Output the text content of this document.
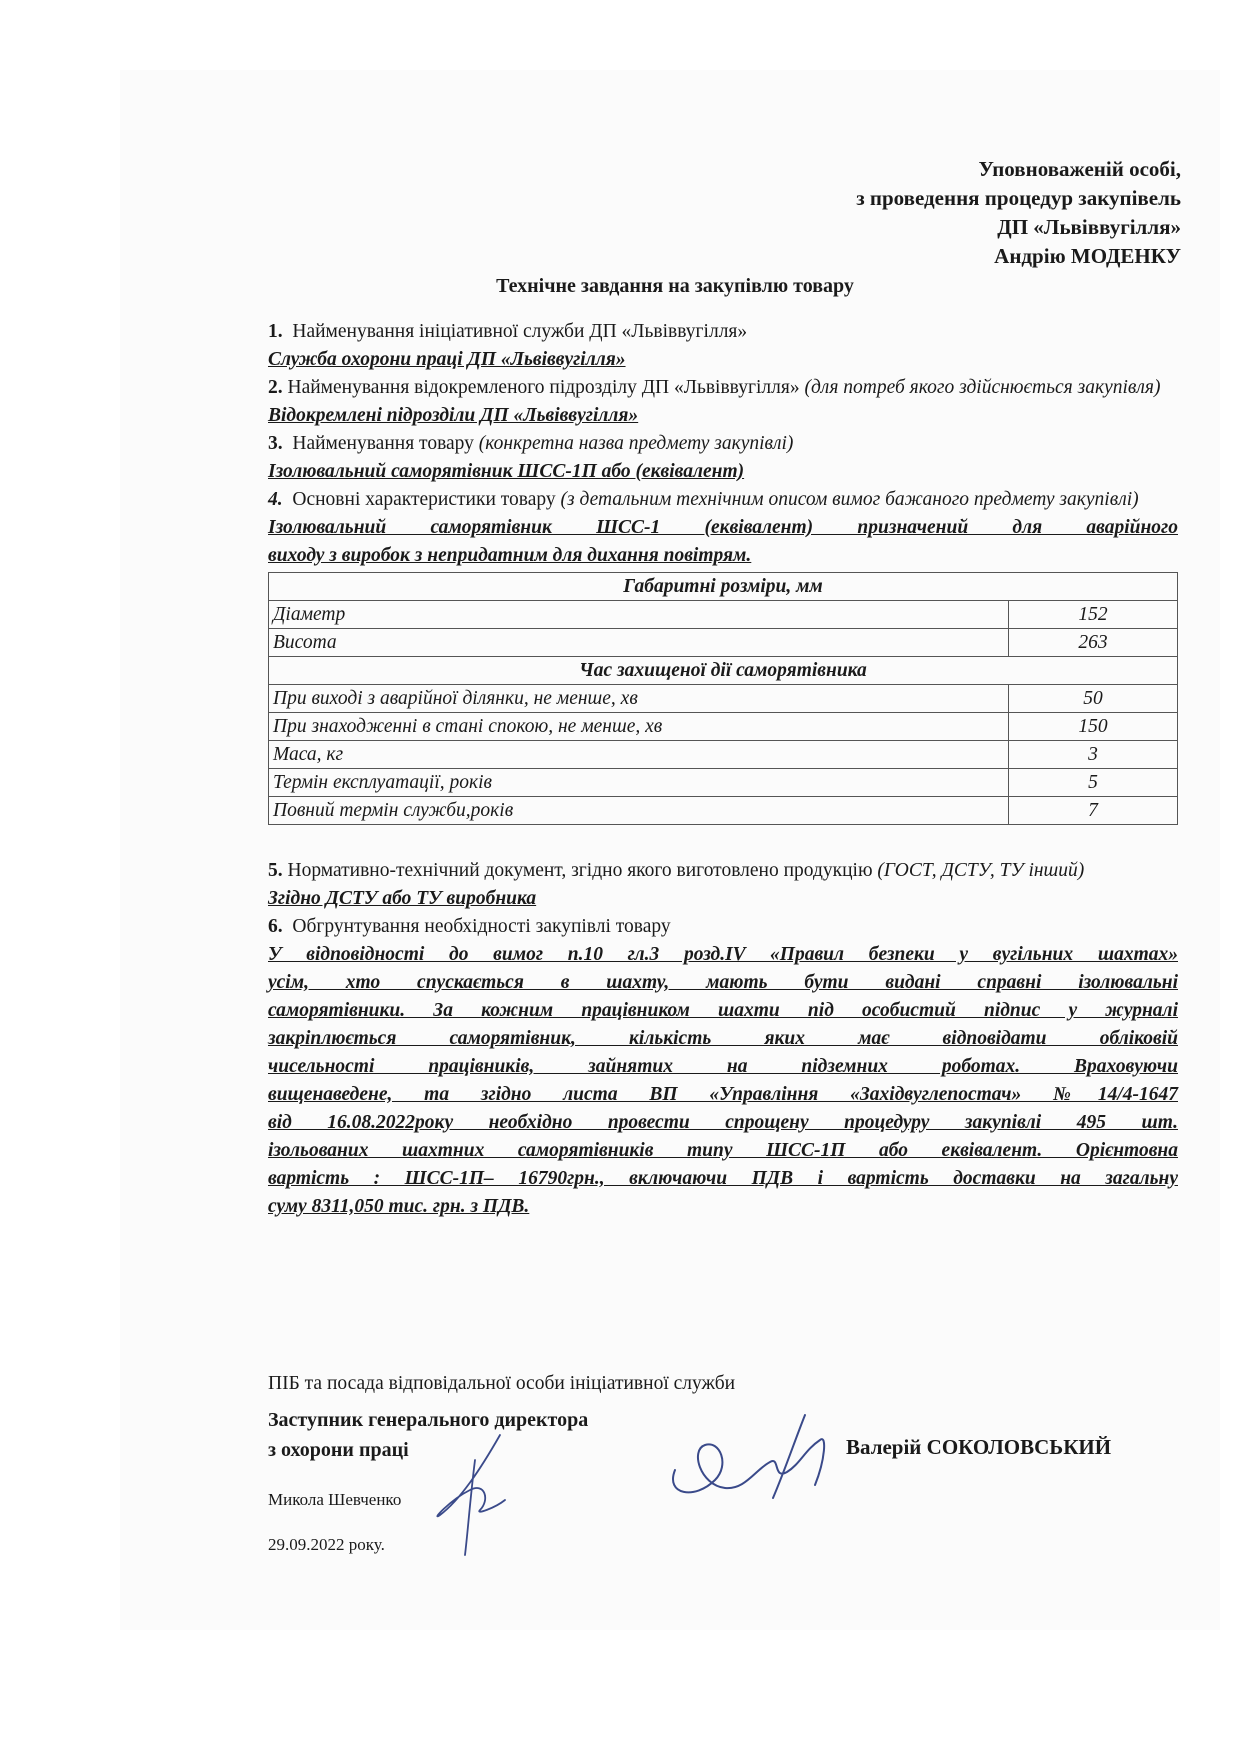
Уповноваженій особі,
з проведення процедур закупівель
ДП «Львіввугілля»
Андрію МОДЕНКУ
Технічне завдання на закупівлю товару

1. Найменування ініціативної служби ДП «Львіввугілля»

Служба охорони праці ДП «Львіввугілля»

2. Найменування відокремленого підрозділу ДП «Львіввугілля» (для потреб якого здійснюється закупівля)

Відокремлені підрозділи ДП «Львіввугілля»

3. Найменування товару (конкретна назва предмету закупівлі)

Ізолювальний саморятівник ШСС-1П або (еквівалент)

4. Основні характеристики товару (з детальним технічним описом вимог бажаного предмету закупівлі)

Ізолювальний саморятівник ШСС-1 (еквівалент) призначений для аварійного

виходу з виробок з непридатним для дихання повітрям.

Габаритні розміри, мм	
Діаметр	152
Висота	263
Час захищеної дії саморятівника	
При виході з аварійної ділянки, не менше, хв	50
При знаходженні в стані спокою, не менше, хв	150
Маса, кг	3
Термін експлуатації, років	5
Повний термін служби,років	7

5. Нормативно-технічний документ, згідно якого виготовлено продукцію (ГОСТ, ДСТУ, ТУ інший)

Згідно ДСТУ або ТУ виробника

6. Обгрунтування необхідності закупівлі товару

У відповідності до вимог п.10 гл.3 розд.IV «Правил безпеки у вугільних шахтах»

усім, хто спускається в шахту, мають бути видані справні ізолювальні

саморятівники. За кожним працівником шахти під особистий підпис у журналі

закріплюється саморятівник, кількість яких має відповідати обліковій

чисельності працівників, зайнятих на підземних роботах. Враховуючи

вищенаведене, та згідно листа ВП «Управління «Західвуглепостач» №14/4-1647

від 16.08.2022року необхідно провести спрощену процедуру закупівлі 495 шт.

ізольованих шахтних саморятівників типу ШСС-1П або еквівалент. Орієнтовна

вартість : ШСС-1П– 16790грн., включаючи ПДВ і вартість доставки на загальну

суму 8311,050 тис. грн. з ПДВ.

ПІБ та посада відповідальної особи ініціативної служби
Заступник генерального директора
з охорони праці	Валерій СОКОЛОВСЬКИЙ
Микола Шевченко
29.09.2022 року.
